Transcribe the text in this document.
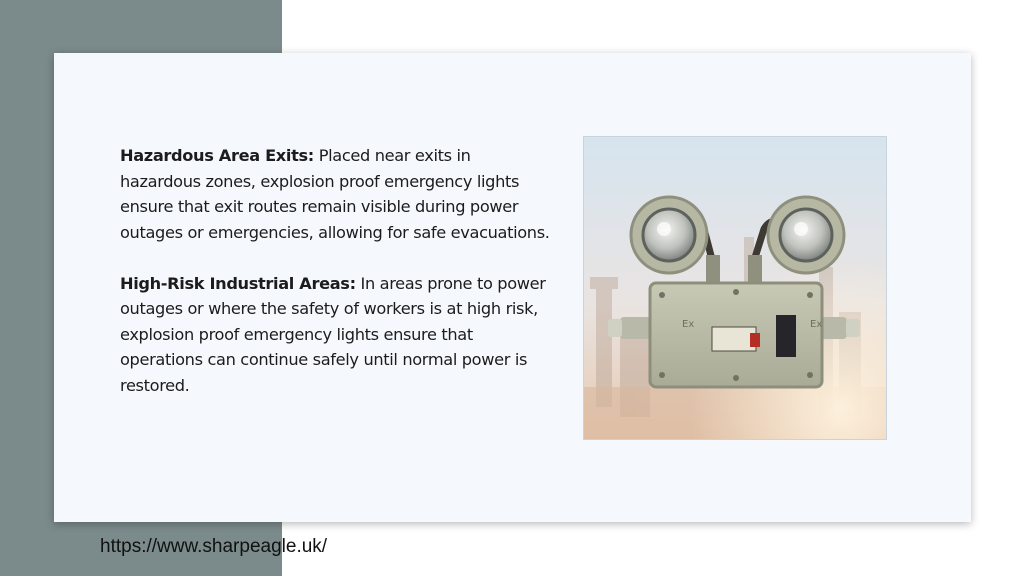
Hazardous Area Exits: Placed near exits in hazardous zones, explosion proof emergency lights ensure that exit routes remain visible during power outages or emergencies, allowing for safe evacuations.

High-Risk Industrial Areas: In areas prone to power outages or where the safety of workers is at high risk, explosion proof emergency lights ensure that operations can continue safely until normal power is restored.

Ex	Ex
https://www.sharpeagle.uk/
